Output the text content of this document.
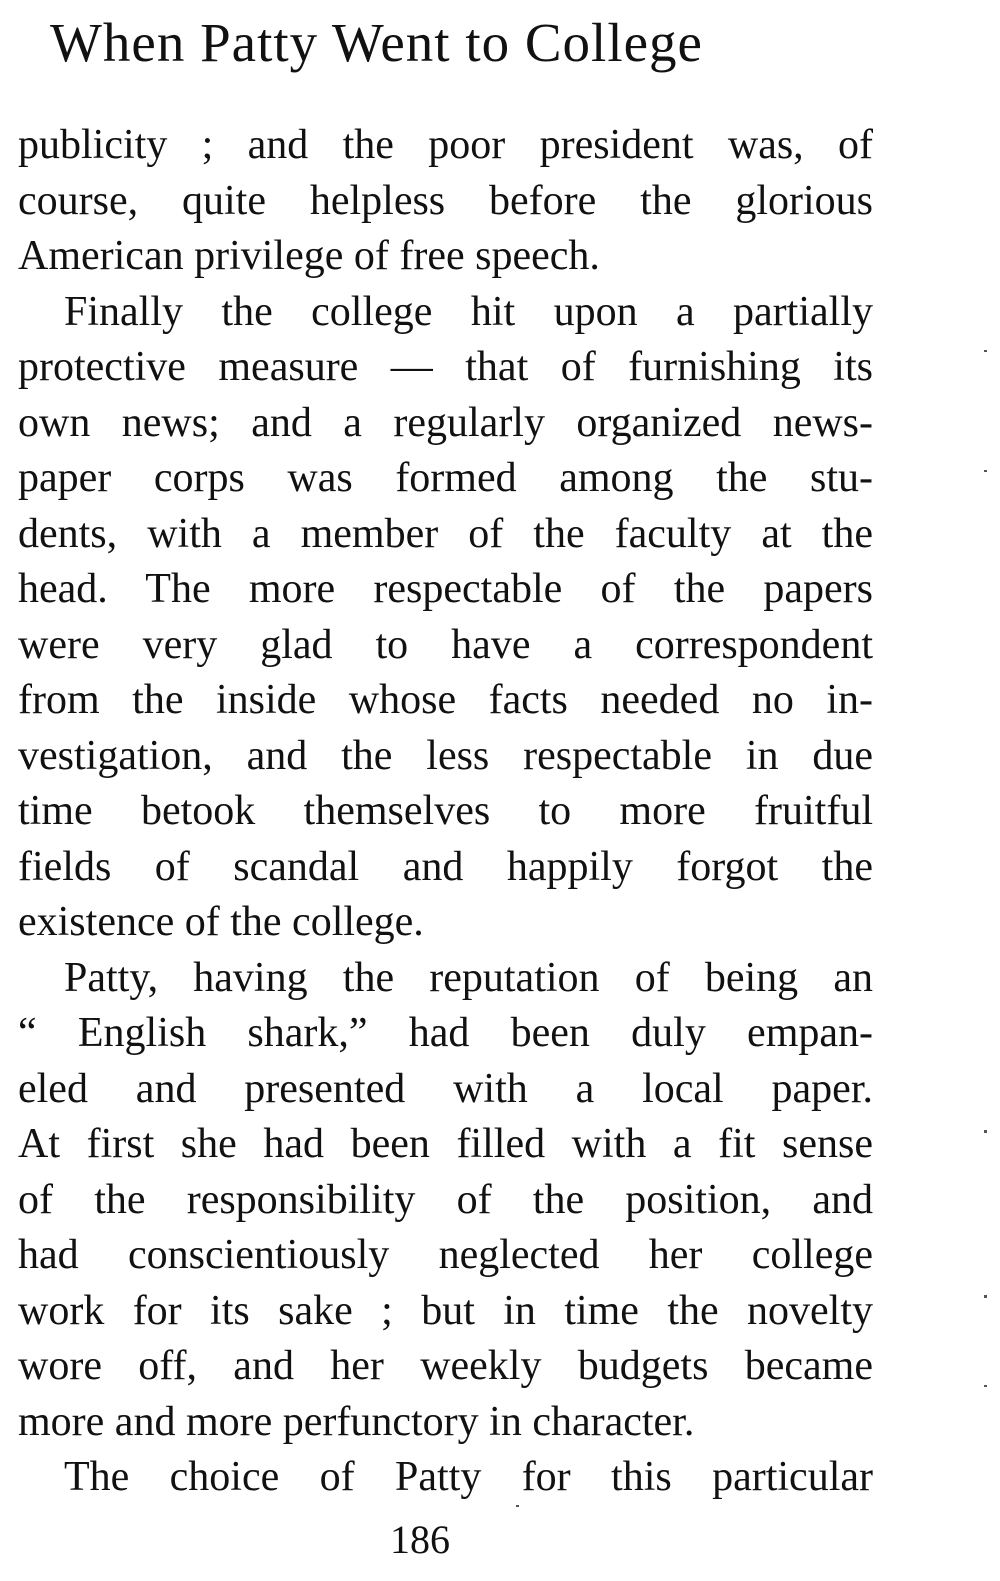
When Patty Went to College
publicity ; and the poor president was, of
course, quite helpless before the glorious
American privilege of free speech.
Finally the college hit upon a partially
protective measure — that of furnishing its
own news; and a regularly organized news-
paper corps was formed among the stu-
dents, with a member of the faculty at the
head. The more respectable of the papers
were very glad to have a correspondent
from the inside whose facts needed no in-
vestigation, and the less respectable in due
time betook themselves to more fruitful
fields of scandal and happily forgot the
existence of the college.
Patty, having the reputation of being an
“ English shark,” had been duly empan-
eled and presented with a local paper.
At first she had been filled with a fit sense
of the responsibility of the position, and
had conscientiously neglected her college
work for its sake ; but in time the novelty
wore off, and her weekly budgets became
more and more perfunctory in character.
The choice of Patty for this particular
186
